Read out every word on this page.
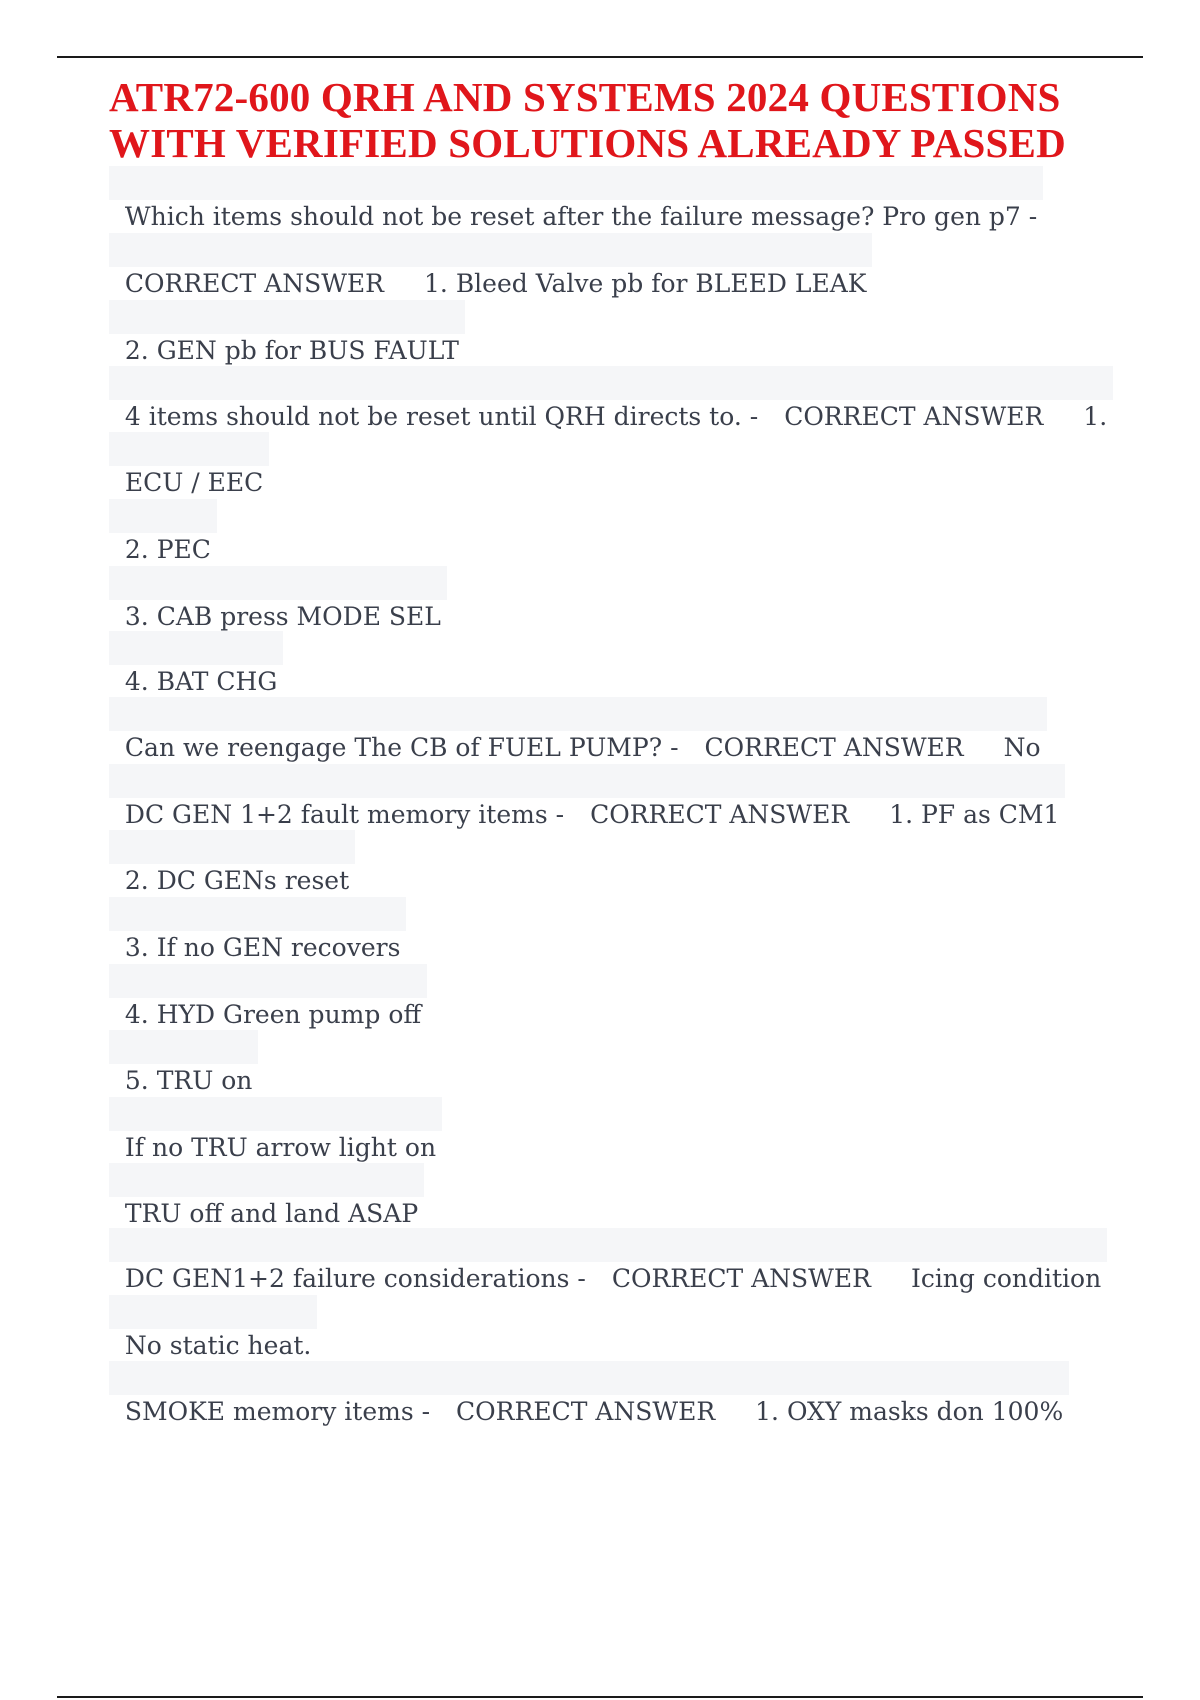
ATR72-600 QRH AND SYSTEMS 2024 QUESTIONS
WITH VERIFIED SOLUTIONS ALREADY PASSED

Which items should not be reset after the failure message? Pro gen p7 -

CORRECT ANSWER 1. Bleed Valve pb for BLEED LEAK

2. GEN pb for BUS FAULT

4 items should not be reset until QRH directs to. - CORRECT ANSWER 1.

ECU / EEC

2. PEC

3. CAB press MODE SEL

4. BAT CHG

Can we reengage The CB of FUEL PUMP? - CORRECT ANSWER No

DC GEN 1+2 fault memory items - CORRECT ANSWER 1. PF as CM1

2. DC GENs reset

3. If no GEN recovers

4. HYD Green pump off

5. TRU on

If no TRU arrow light on

TRU off and land ASAP

DC GEN1+2 failure considerations - CORRECT ANSWER Icing condition

No static heat.

SMOKE memory items - CORRECT ANSWER 1. OXY masks don 100%
